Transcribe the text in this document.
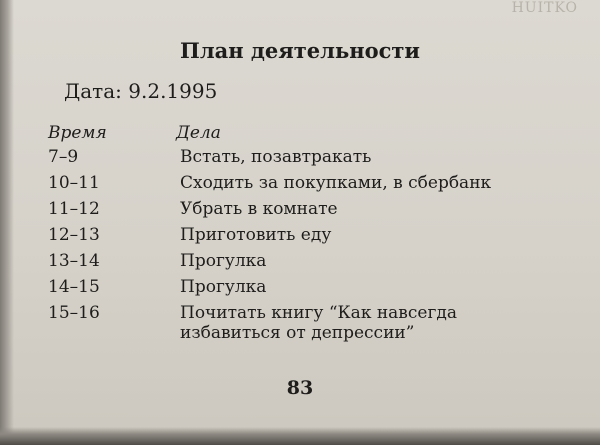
HUITKO
План деятельности
Дата: 9.2.1995
Время	Дела
7–9	Встать, позавтракать
10–11	Сходить за покупками, в сбербанк
11–12	Убрать в комнате
12–13	Приготовить еду
13–14	Прогулка
14–15	Прогулка
15–16	Почитать книгу “Как навсегда избавиться от депрессии”
83
